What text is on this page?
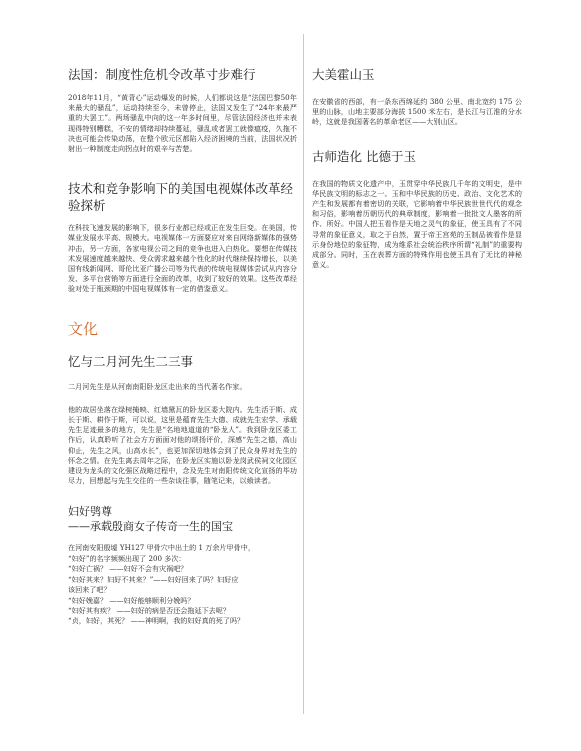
法国：制度性危机令改革寸步难行

2018年11月，“黄背心”运动爆发的时候，人们都说这是“法国巴黎50年来最大的骚乱”，运动持续至今，未曾停止，法国又发生了“24年来最严重的大罢工”。两场骚乱中向的这一年多时间里，尽管法国经济也并未表现得特别糟糕，不安的情绪却持续蔓延，骚乱或者罢工就像瘟疫，久拖不决也可能会传染动荡，在整个欧元区都陷入经济困境的当前，法国状况折射出一种制度走向拐点时的艰辛与苦楚。

技术和竞争影响下的美国电视媒体改革经验探析

在科技飞速发展的影响下，很多行业都已经或正在发生巨变。在美国，传媒业发展水平高、规模大。电视媒体一方面要应对来自网络新媒体的强势冲击，另一方面，各家电视公司之间的竞争也进入白热化。要想在传媒技术发展速度越来越快、受众需求越来越个性化的时代继续保持增长，以美国有线新闻网、哥伦比亚广播公司等为代表的传统电视媒体尝试从内容分发、多平台营销等方面进行全面的改革，收到了较好的效果。这些改革经验对处于瓶颈期的中国电视媒体有一定的借鉴意义。

文化
忆与二月河先生二三事

二月河先生是从河南南阳卧龙区走出来的当代著名作家。

他的故居坐落在绿树掩映、红墙黛瓦的卧龙区委大院内。先生活于斯、成长于斯、耕作于斯，可以说，这里是蕴育先生大德、成就先生宏学、承载先生足迹最多的地方，先生是“名地地道道的“卧龙人”。我到卧龙区委工作后，认真聆听了社会方方面面对他的颂扬评价，深感“先生之德，高山仰止，先生之风，山高水长”，也更加深切地体会到了民众身界对先生的怀念之情。在先生离去周年之际，在卧龙区实施以卧龙岗武侯祠文化园区建设为龙头的文化强区战略过程中，念及先生对南阳传统文化宣扬的毕功尽力，回想起与先生交往的一些杂谈往事，随笔记来，以飨读者。

妇好鸮尊
——承载殷商女子传奇一生的国宝

在河南安阳殷墟 YH127 甲骨穴中出土的 1 万余片甲骨中，

“妇好”的名字频频出现了 200 多次：

“妇好亡祸？ ——妇好不会有灾祸吧？

“妇好其来？妇好不其来？”——妇好回来了吗？妇好应

该回来了吧？

“妇好娩嘉？ ——妇好能够顺利分娩吗？

“妇好其有疾？ ——妇好的病是否还会拖延下去呢？

“贞，妇好，其死？ ——神明啊，我的妇好真的死了吗？

大美霍山玉

在安徽省的西部，有一条东西绵延约 380 公里、南北宽约 175 公里的山脉，山地主要部分海拔 1500 米左右，是长江与江淮的分水岭，这就是我国著名的革命老区——大别山区。

古师造化 比德于玉

在我国的物质文化遗产中，玉贯穿中华民族几千年的文明史，是中华民族文明的标志之一。玉和中华民族的历史、政治、文化艺术的产生和发展都有着密切的关联，它影响着中华民族世世代代的观念和习俗，影响着历朝历代的典章制度，影响着一批批文人墨客的所作、所好。中国人把玉看作是天地之灵气的象征，使玉具有了不同寻常的象征意义，取之于自然，置于帝王宫苑的玉制品被看作是显示身份地位的象征物，成为维系社会统治秩序所谓“礼制”的重要构成部分。同时，玉在表葬方面的特殊作用也使玉具有了无比的神秘意义。
